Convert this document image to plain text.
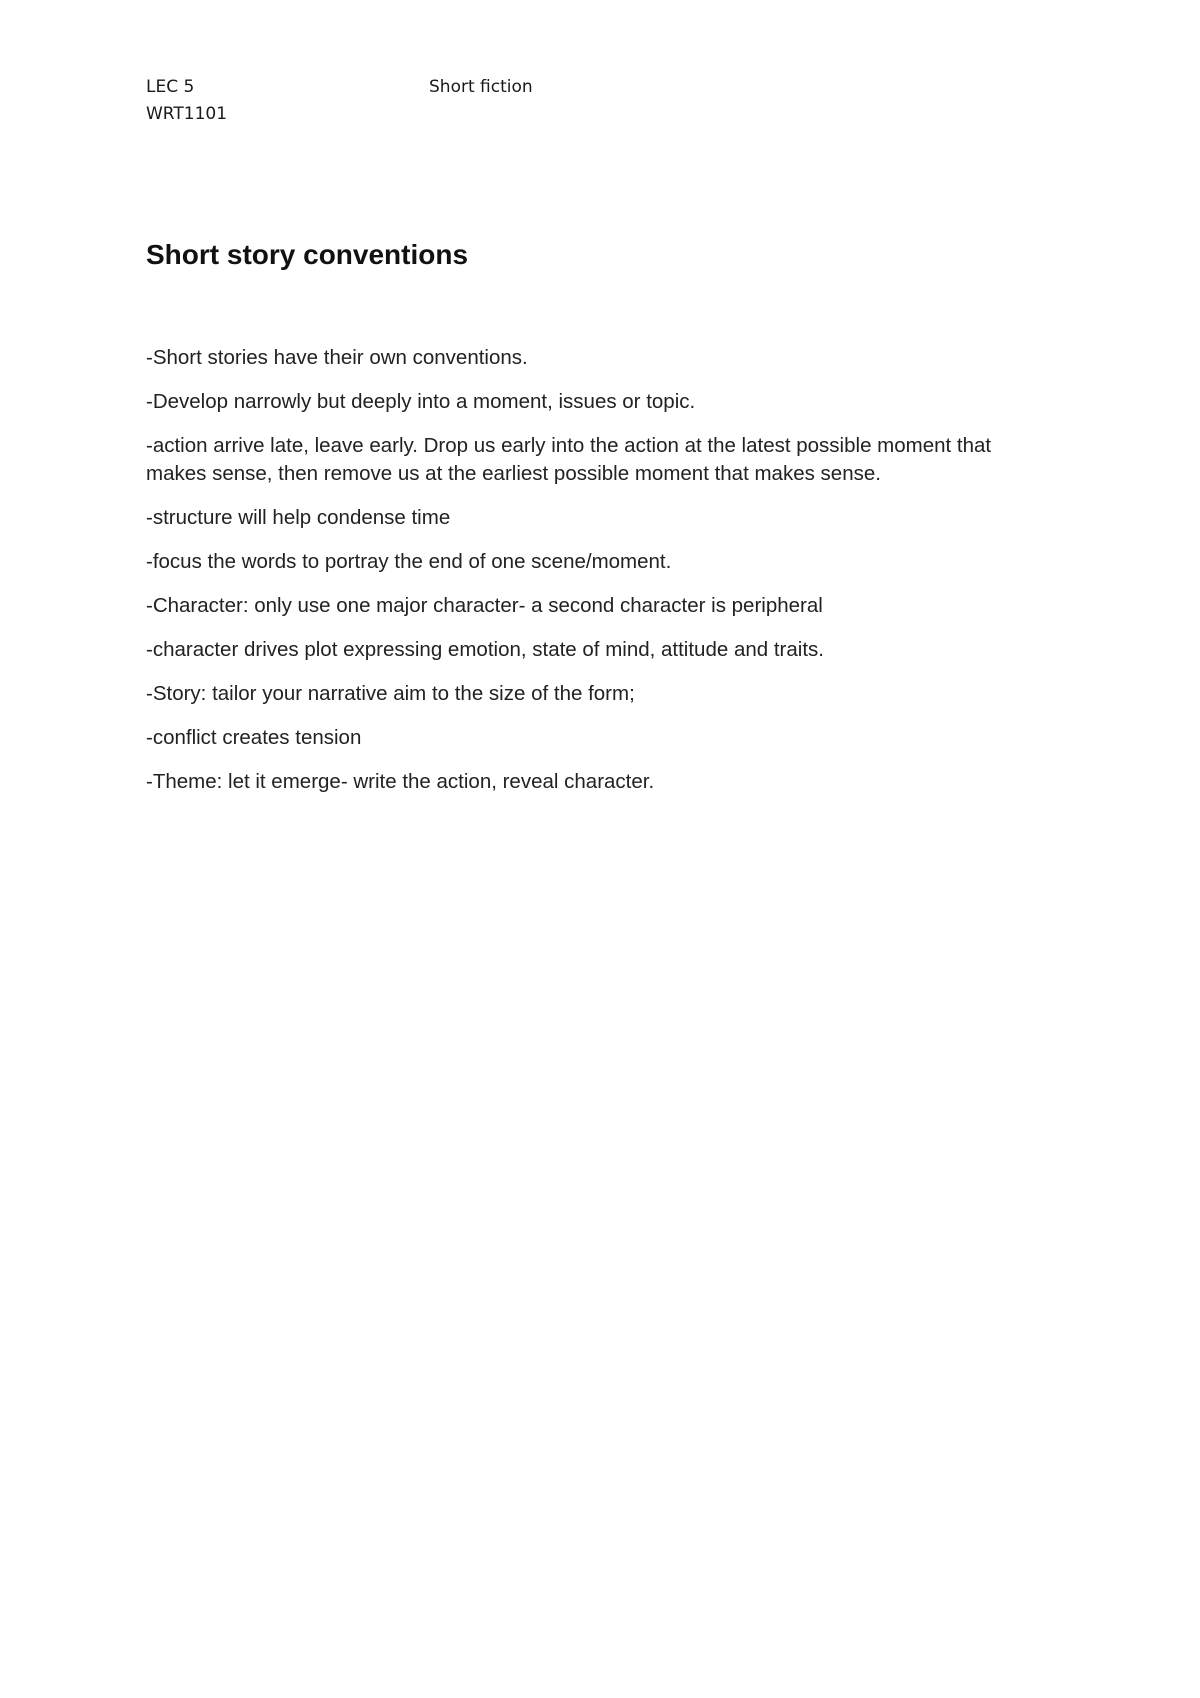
LEC 5	Short fiction
WRT1101
Short story conventions
-Short stories have their own conventions.
-Develop narrowly but deeply into a moment, issues or topic.
-action arrive late, leave early. Drop us early into the action at the latest possible moment that makes sense, then remove us at the earliest possible moment that makes sense.
-structure will help condense time
-focus the words to portray the end of one scene/moment.
-Character: only use one major character- a second character is peripheral
-character drives plot expressing emotion, state of mind, attitude and traits.
-Story: tailor your narrative aim to the size of the form;
-conflict creates tension
-Theme: let it emerge- write the action, reveal character.
